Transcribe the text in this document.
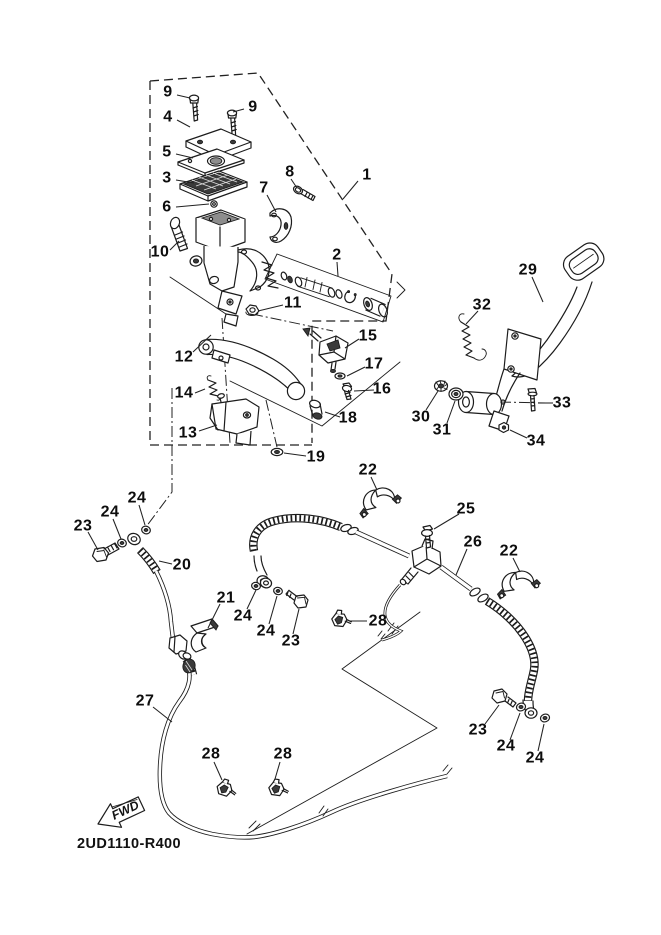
FWD
2UD1110-R400
9
9
4
5
3
6
1
8
7
2
10
11
12
15
17
16
14
13
18
19
29
32
30
31
33
34
22
25
26
22
23
24
24
20
21
24
24
23
28
27
28	28
23
24
24
